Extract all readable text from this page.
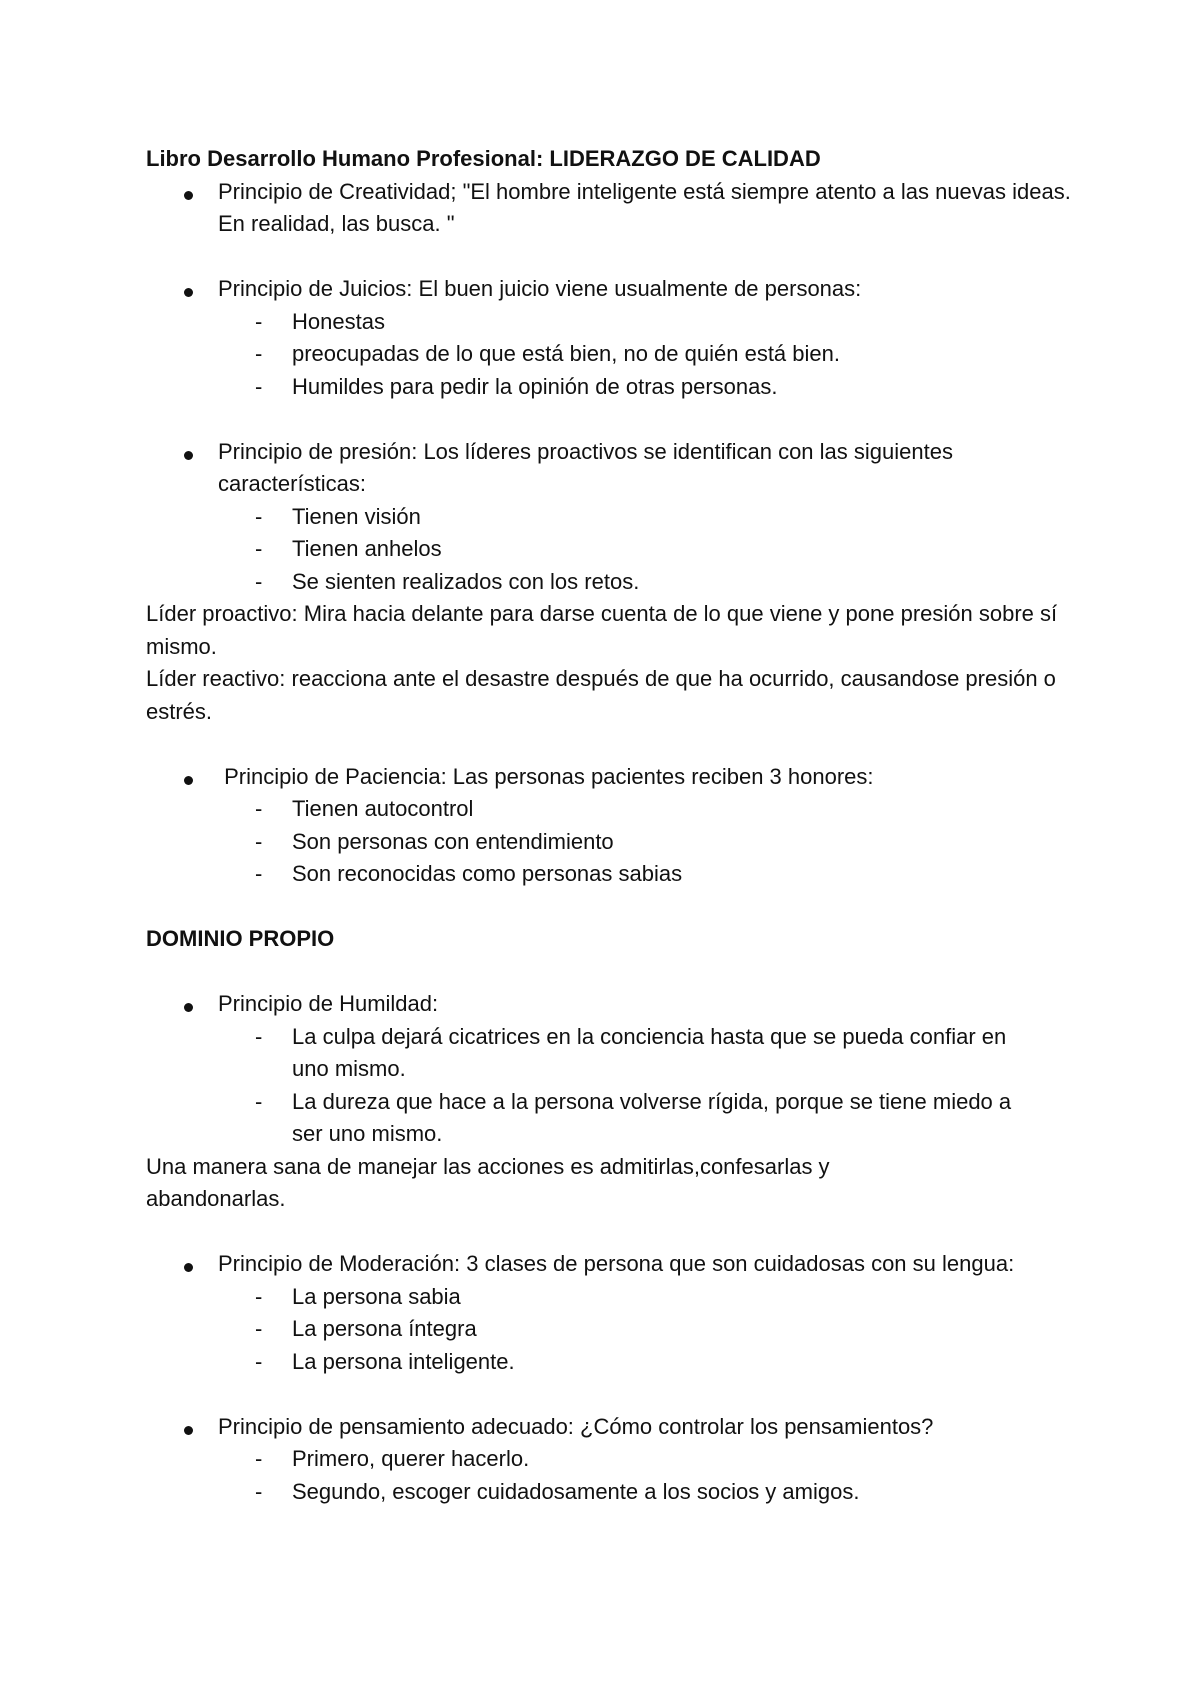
Libro Desarrollo Humano Profesional: LIDERAZGO DE CALIDAD

Principio de Creatividad; "El hombre inteligente está siempre atento a las nuevas ideas. En realidad, las busca. "
Principio de Juicios: El buen juicio viene usualmente de personas:
- Honestas
- preocupadas de lo que está bien, no de quién está bien.
- Humildes para pedir la opinión de otras personas.
Principio de presión: Los líderes proactivos se identifican con las siguientes características:
- Tienen visión
- Tienen anhelos
- Se sienten realizados con los retos.

Líder proactivo: Mira hacia delante para darse cuenta de lo que viene y pone presión sobre sí mismo.

Líder reactivo: reacciona ante el desastre después de que ha ocurrido, causandose presión o estrés.

Principio de Paciencia: Las personas pacientes reciben 3 honores:
- Tienen autocontrol
- Son personas con entendimiento
- Son reconocidas como personas sabias

DOMINIO PROPIO

Principio de Humildad:
- La culpa dejará cicatrices en la conciencia hasta que se pueda confiar en uno mismo.
- La dureza que hace a la persona volverse rígida, porque se tiene miedo a ser uno mismo.

Una manera sana de manejar las acciones es admitirlas,confesarlas y abandonarlas.

Principio de Moderación: 3 clases de persona que son cuidadosas con su lengua:
- La persona sabia
- La persona íntegra
- La persona inteligente.
Principio de pensamiento adecuado: ¿Cómo controlar los pensamientos?
- Primero, querer hacerlo.
- Segundo, escoger cuidadosamente a los socios y amigos.
